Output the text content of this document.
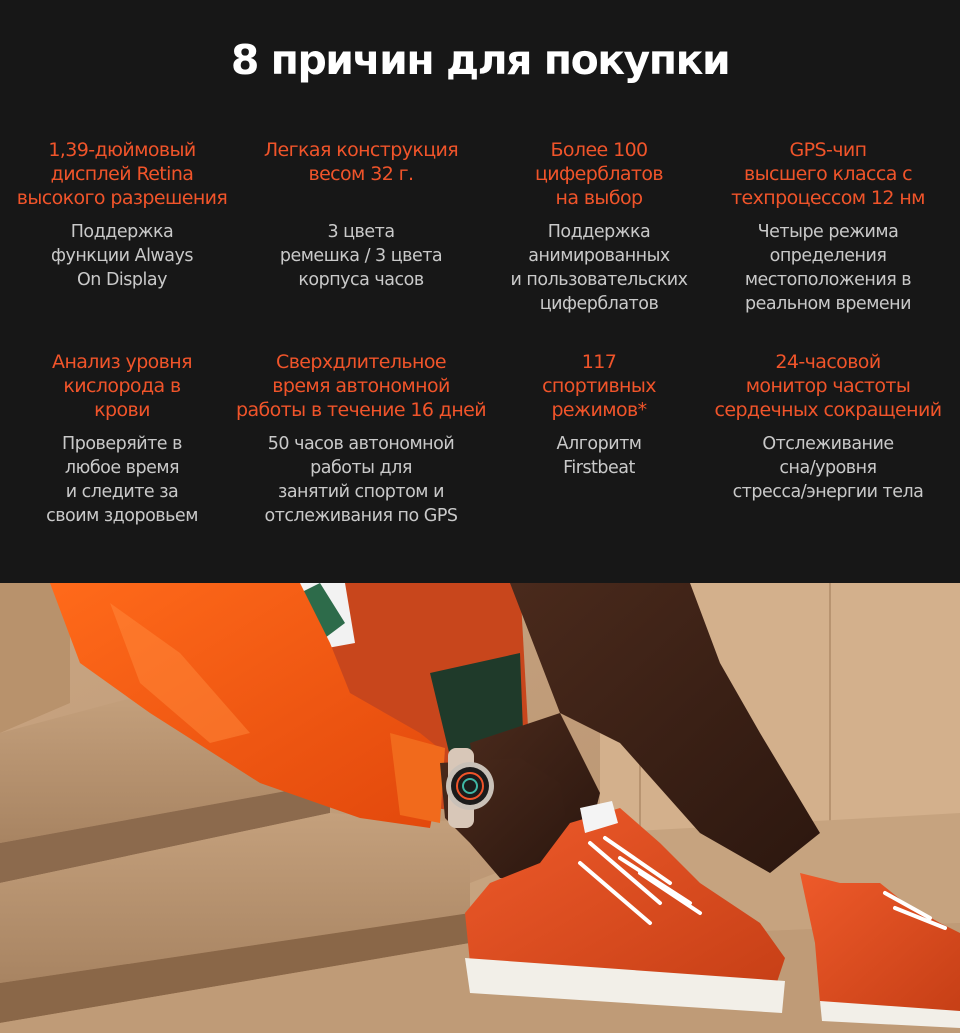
8 причин для покупки

1,39-дюймовый
дисплей Retina
высокого разрешения

Поддержка
функции Always
On Display

Легкая конструкция
весом 32 г.

3 цвета
ремешка / 3 цвета
корпуса часов

Более 100
циферблатов
на выбор

Поддержка
анимированных
и пользовательских
циферблатов

GPS-чип
высшего класса с
техпроцессом 12 нм

Четыре режима
определения
местоположения в
реальном времени

Анализ уровня
кислорода в
крови

Проверяйте в
любое время
и следите за
своим здоровьем

Сверхдлительное
время автономной
работы в течение 16 дней

50 часов автономной
работы для
занятий спортом и
отслеживания по GPS

117
спортивных
режимов*

Алгоритм
Firstbeat

24-часовой
монитор частоты
сердечных сокращений

Отслеживание
сна/уровня
стресса/энергии тела
